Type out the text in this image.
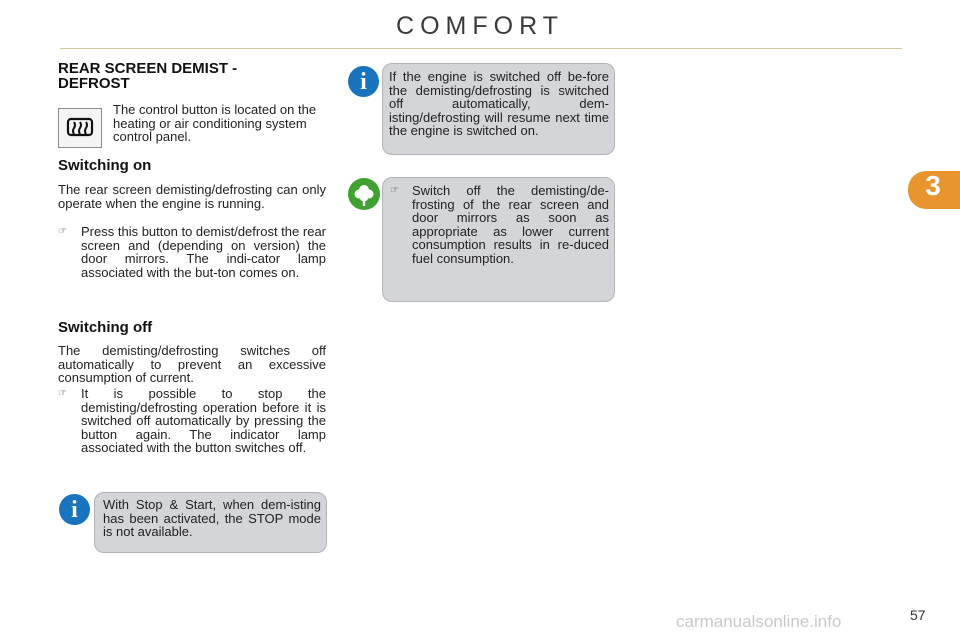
COMFORT
3
REAR SCREEN DEMIST -
DEFROST
The control button is located on the heating or air conditioning system control panel.
Switching on
The rear screen demisting/defrosting can only operate when the engine is running.
☞ Press this button to demist/defrost the rear screen and (depending on version) the door mirrors. The indi-cator lamp associated with the but-ton comes on.
Switching off
The demisting/defrosting switches off automatically to prevent an excessive consumption of current.
☞ It is possible to stop the demisting/defrosting operation before it is switched off automatically by pressing the button again. The indicator lamp associated with the button switches off.
With Stop & Start, when dem-isting has been activated, the STOP mode is not available.
i
If the engine is switched off be-fore the demisting/defrosting is switched off automatically, dem-isting/defrosting will resume next time the engine is switched on.
i
☞ Switch off the demisting/de-frosting of the rear screen and door mirrors as soon as appropriate as lower current consumption results in re-duced fuel consumption.
57
carmanualsonline.info
